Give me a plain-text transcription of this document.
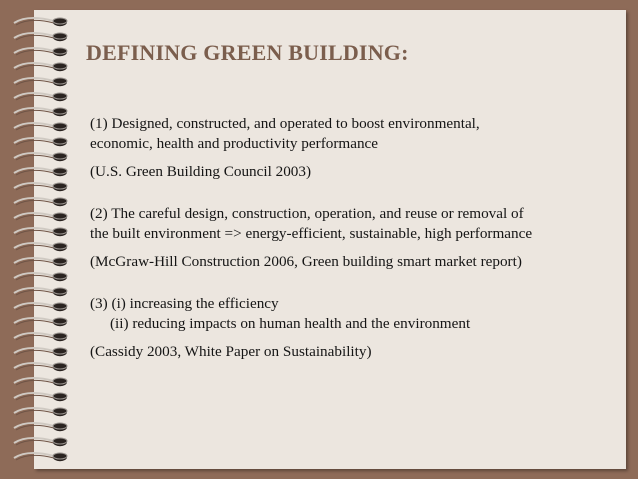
DEFINING GREEN BUILDING:

(1) Designed, constructed, and operated to boost environmental,

economic, health and productivity performance

(U.S. Green Building Council 2003)

(2) The careful design, construction, operation, and reuse or removal of

the built environment => energy-efficient, sustainable, high performance

(McGraw-Hill Construction 2006, Green building smart market report)

(3) (i) increasing the efficiency

(ii) reducing impacts on human health and the environment

(Cassidy 2003, White Paper on Sustainability)
